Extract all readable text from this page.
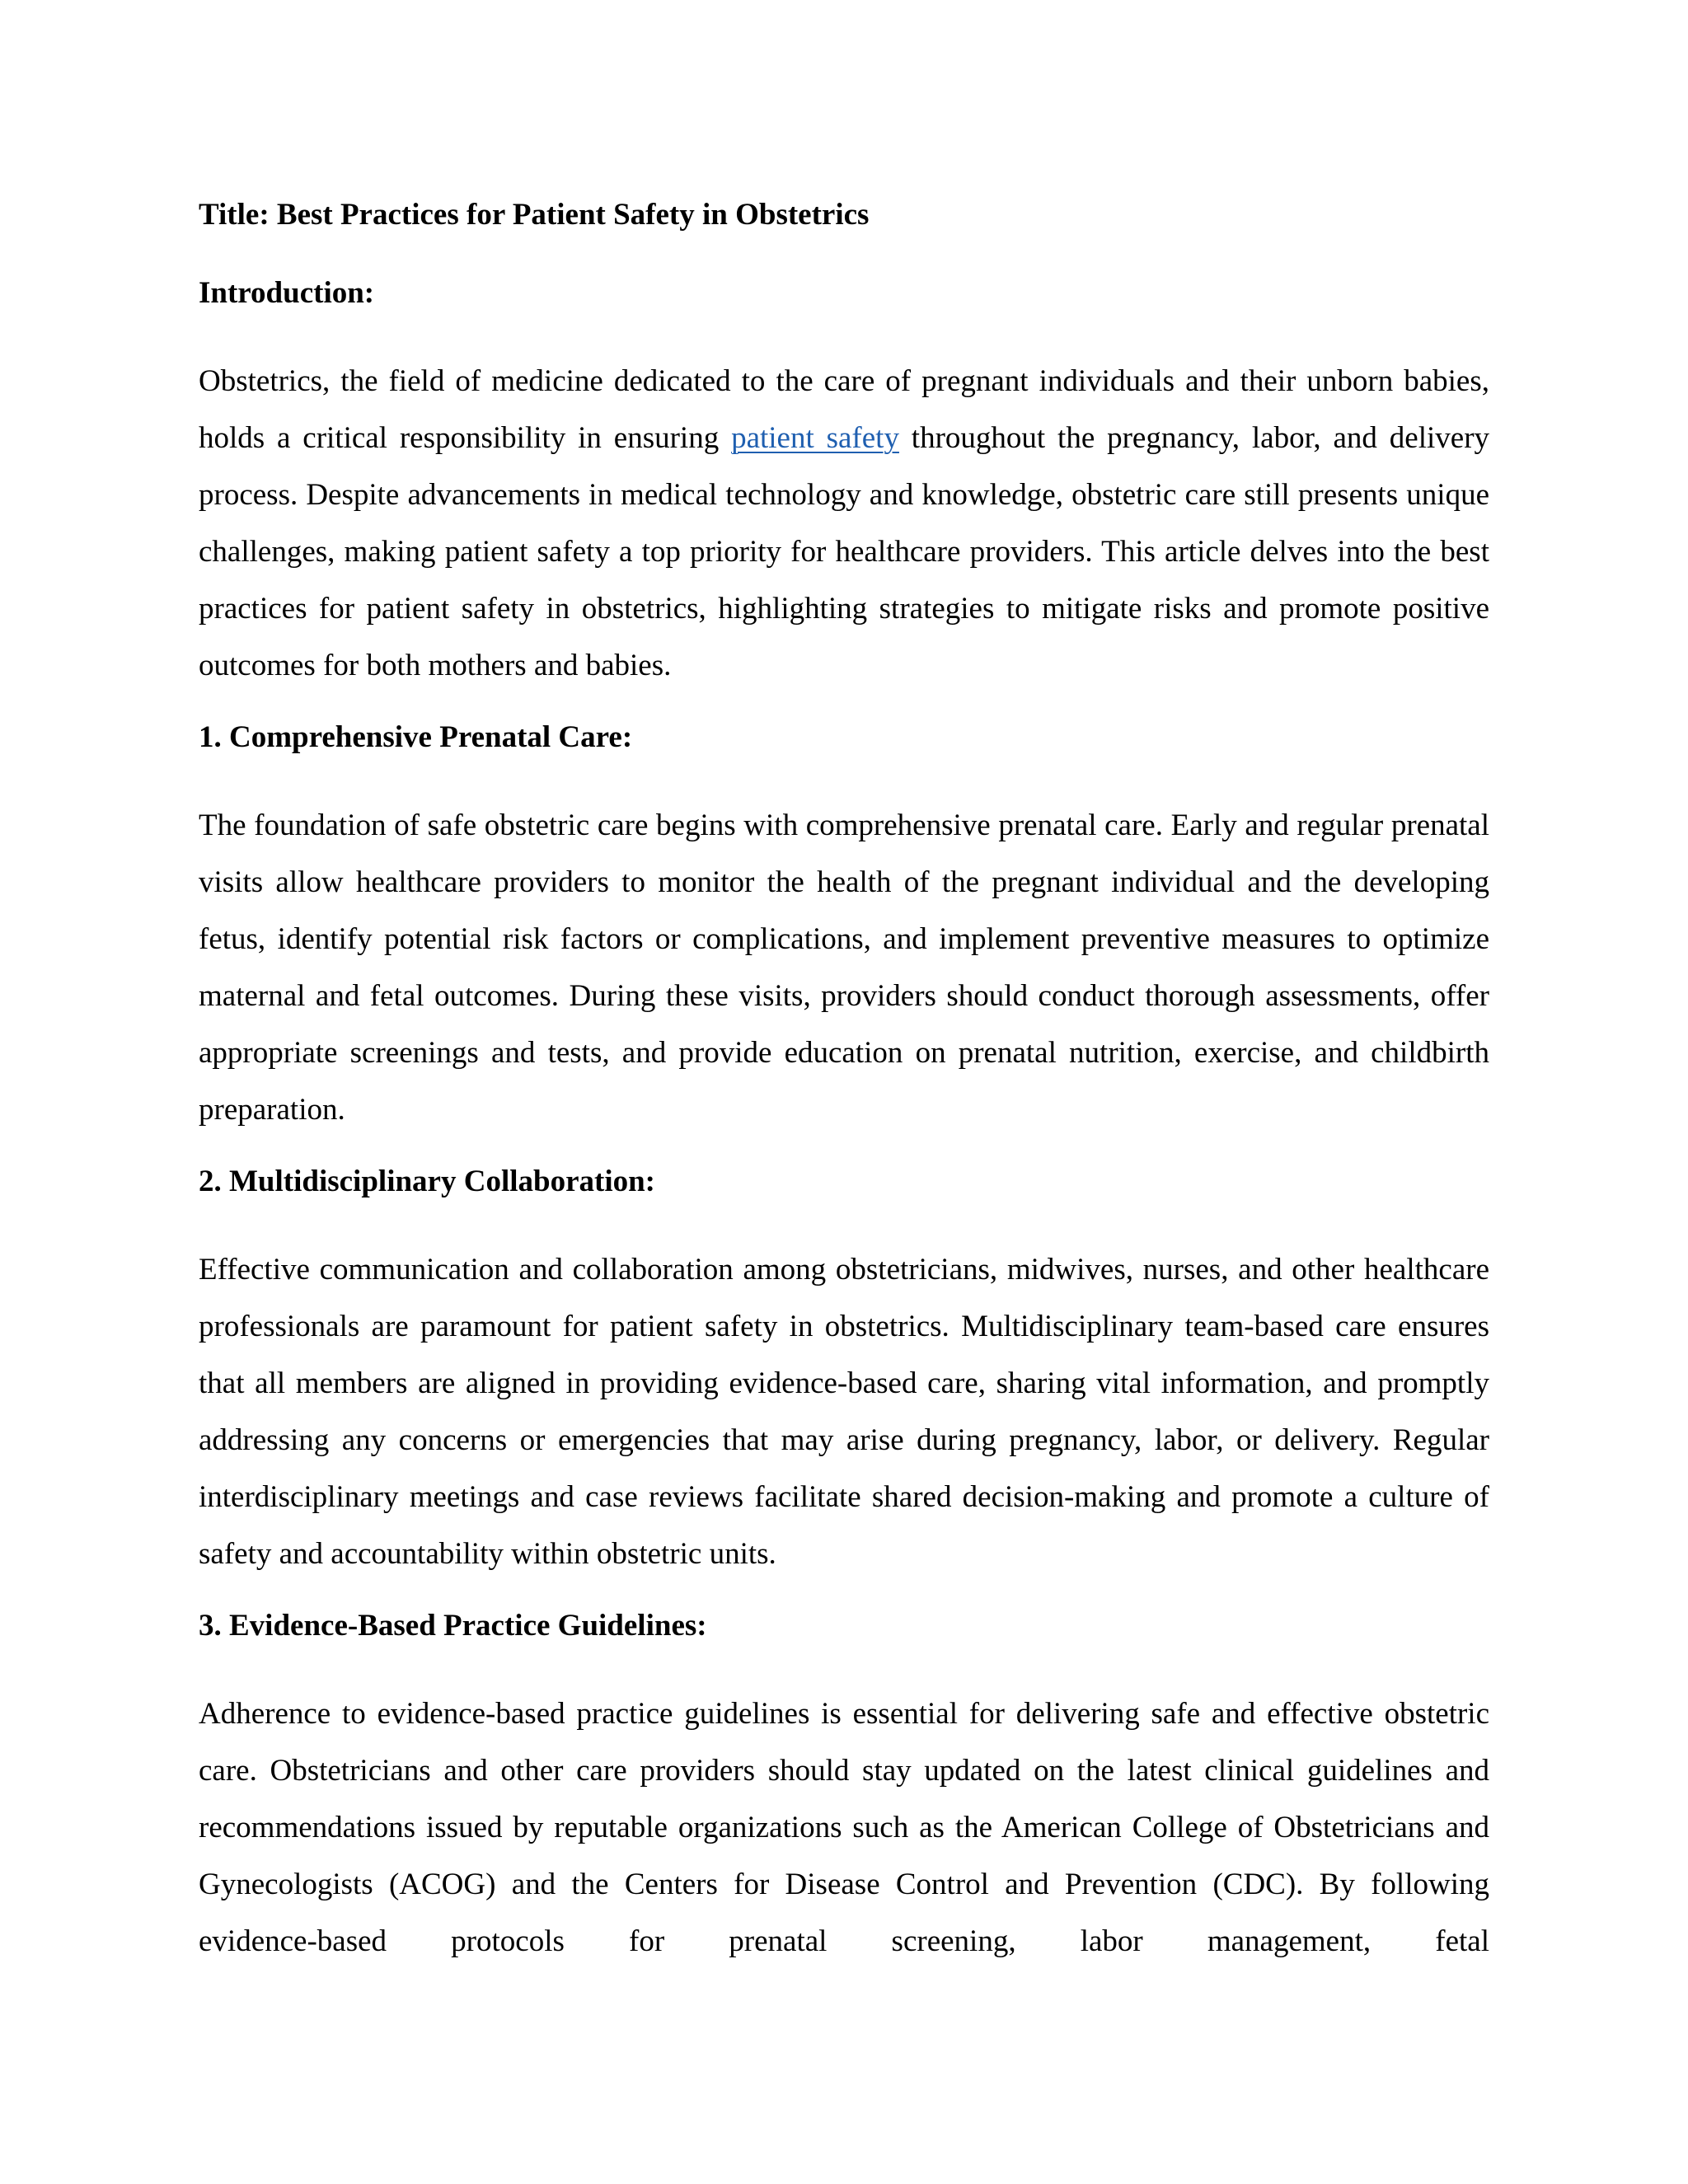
Title: Best Practices for Patient Safety in Obstetrics
Introduction:

Obstetrics, the field of medicine dedicated to the care of pregnant individuals and their unborn babies, holds a critical responsibility in ensuring patient safety throughout the pregnancy, labor, and delivery process. Despite advancements in medical technology and knowledge, obstetric care still presents unique challenges, making patient safety a top priority for healthcare providers. This article delves into the best practices for patient safety in obstetrics, highlighting strategies to mitigate risks and promote positive outcomes for both mothers and babies.

1. Comprehensive Prenatal Care:

The foundation of safe obstetric care begins with comprehensive prenatal care. Early and regular prenatal visits allow healthcare providers to monitor the health of the pregnant individual and the developing fetus, identify potential risk factors or complications, and implement preventive measures to optimize maternal and fetal outcomes. During these visits, providers should conduct thorough assessments, offer appropriate screenings and tests, and provide education on prenatal nutrition, exercise, and childbirth preparation.

2. Multidisciplinary Collaboration:

Effective communication and collaboration among obstetricians, midwives, nurses, and other healthcare professionals are paramount for patient safety in obstetrics. Multidisciplinary team-based care ensures that all members are aligned in providing evidence-based care, sharing vital information, and promptly addressing any concerns or emergencies that may arise during pregnancy, labor, or delivery. Regular interdisciplinary meetings and case reviews facilitate shared decision-making and promote a culture of safety and accountability within obstetric units.

3. Evidence-Based Practice Guidelines:

Adherence to evidence-based practice guidelines is essential for delivering safe and effective obstetric care. Obstetricians and other care providers should stay updated on the latest clinical guidelines and recommendations issued by reputable organizations such as the American College of Obstetricians and Gynecologists (ACOG) and the Centers for Disease Control and Prevention (CDC). By following evidence-based protocols for prenatal screening, labor management, fetal
